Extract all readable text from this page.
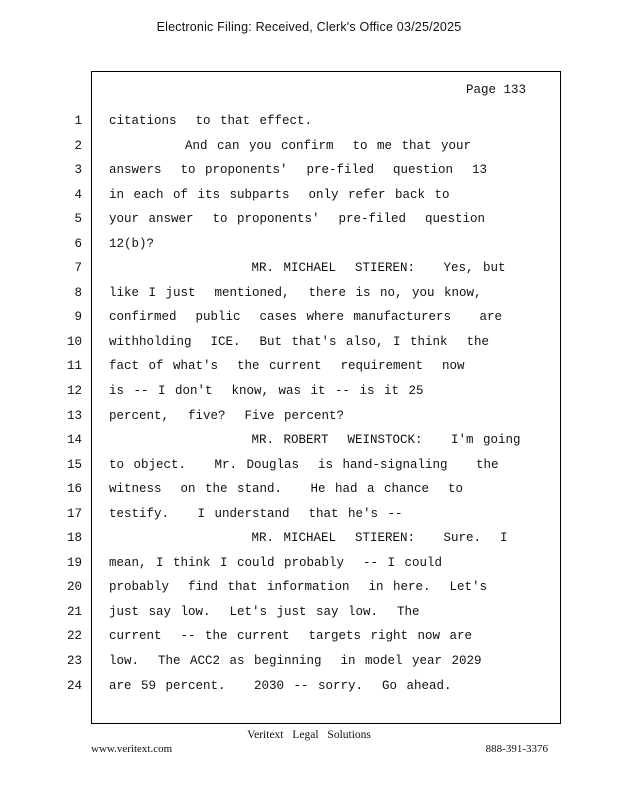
Electronic Filing: Received, Clerk's Office 03/25/2025
Page 133
1
2
3
4
5
6
7
8
9
10
11
12
13
14
15
16
17
18
19
20
21
22
23
24
citations  to that effect.
And can you confirm  to me that your
answers  to proponents'  pre-filed  question  13
in each of its subparts  only refer back to
your answer  to proponents'  pre-filed  question
12(b)?
MR. MICHAEL  STIEREN:   Yes, but
like I just  mentioned,  there is no, you know,
confirmed  public  cases where manufacturers   are
withholding  ICE.  But that's also, I think  the
fact of what's  the current  requirement  now
is -- I don't  know, was it -- is it 25
percent,  five?  Five percent?
MR. ROBERT  WEINSTOCK:   I'm going
to object.   Mr. Douglas  is hand-signaling   the
witness  on the stand.   He had a chance  to
testify.   I understand  that he's --
MR. MICHAEL  STIEREN:   Sure.  I
mean, I think I could probably  -- I could
probably  find that information  in here.  Let's
just say low.  Let's just say low.  The
current  -- the current  targets right now are
low.  The ACC2 as beginning  in model year 2029
are 59 percent.   2030 -- sorry.  Go ahead.
Veritext Legal Solutions
www.veritext.com	888-391-3376
